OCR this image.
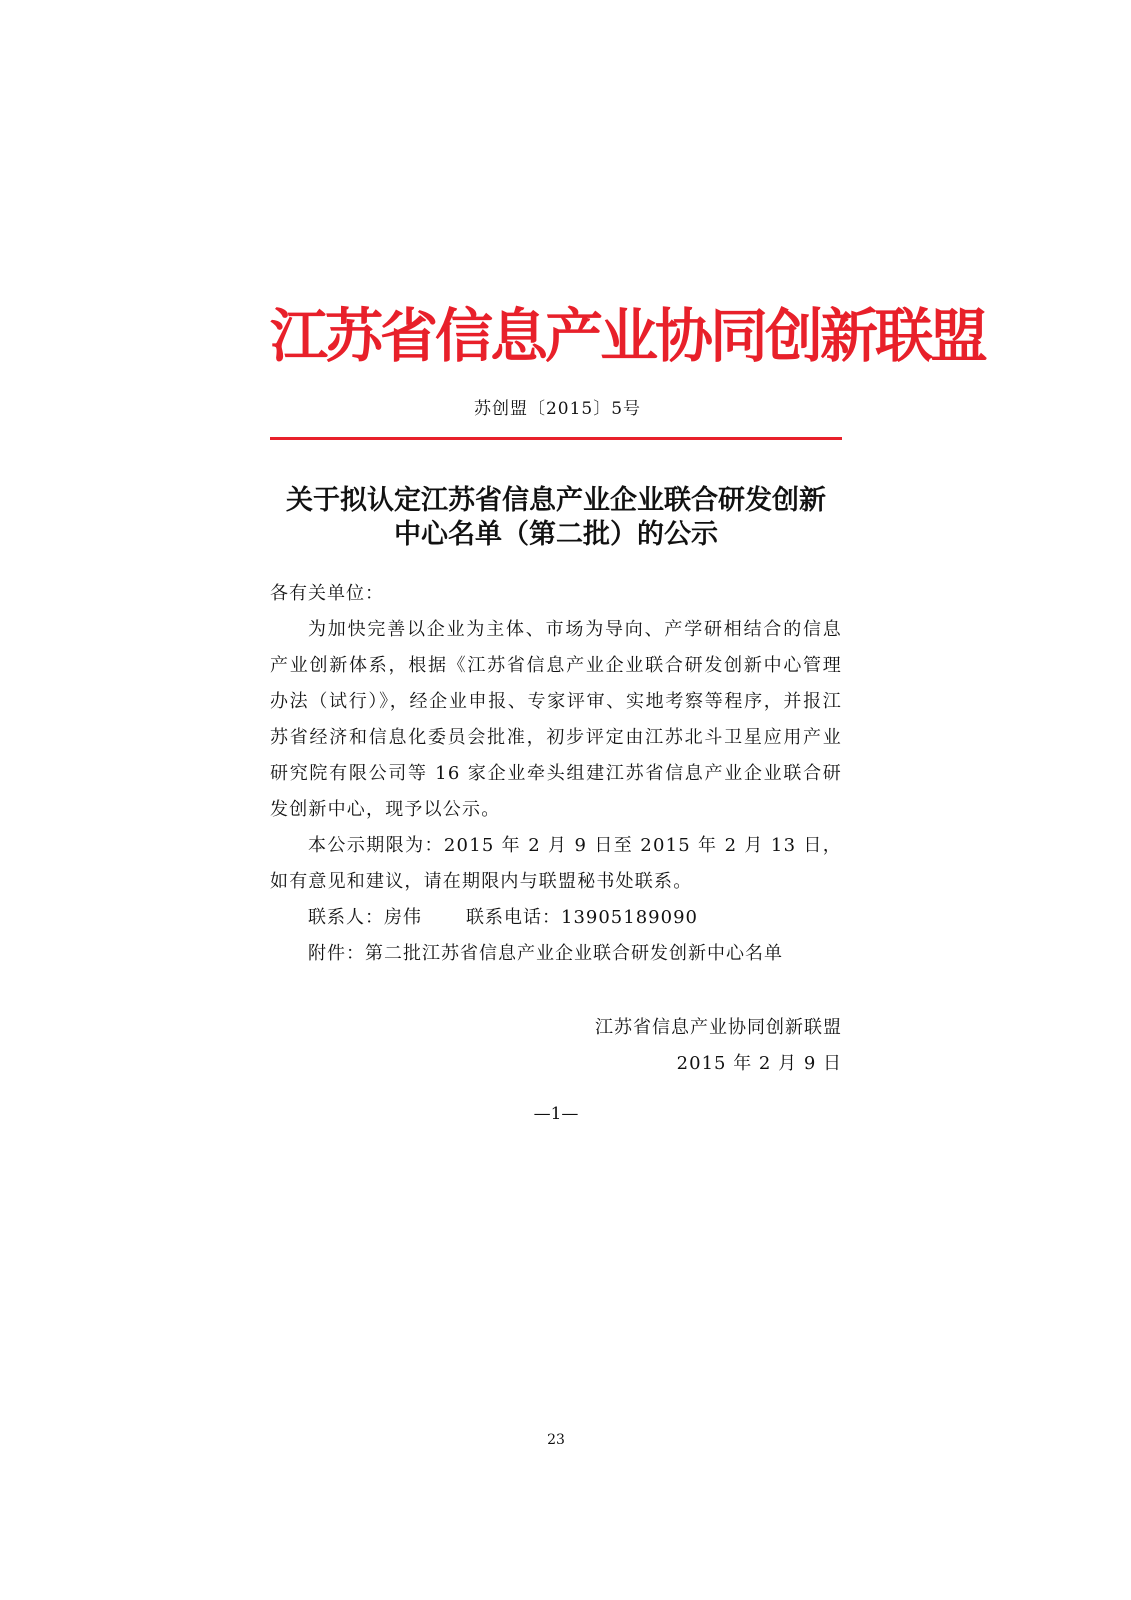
江苏省信息产业协同创新联盟
苏创盟〔2015〕5号
关于拟认定江苏省信息产业企业联合研发创新
中心名单（第二批）的公示
各有关单位：
为加快完善以企业为主体、市场为导向、产学研相结合的信息产业创新体系，根据《江苏省信息产业企业联合研发创新中心管理办法（试行）》，经企业申报、专家评审、实地考察等程序，并报江苏省经济和信息化委员会批准，初步评定由江苏北斗卫星应用产业研究院有限公司等 16 家企业牵头组建江苏省信息产业企业联合研发创新中心，现予以公示。
本公示期限为：2015 年 2 月 9 日至 2015 年 2 月 13 日，如有意见和建议，请在期限内与联盟秘书处联系。
联系人：房伟 联系电话：13905189090
附件：第二批江苏省信息产业企业联合研发创新中心名单
江苏省信息产业协同创新联盟
2015 年 2 月 9 日
—1—
23
